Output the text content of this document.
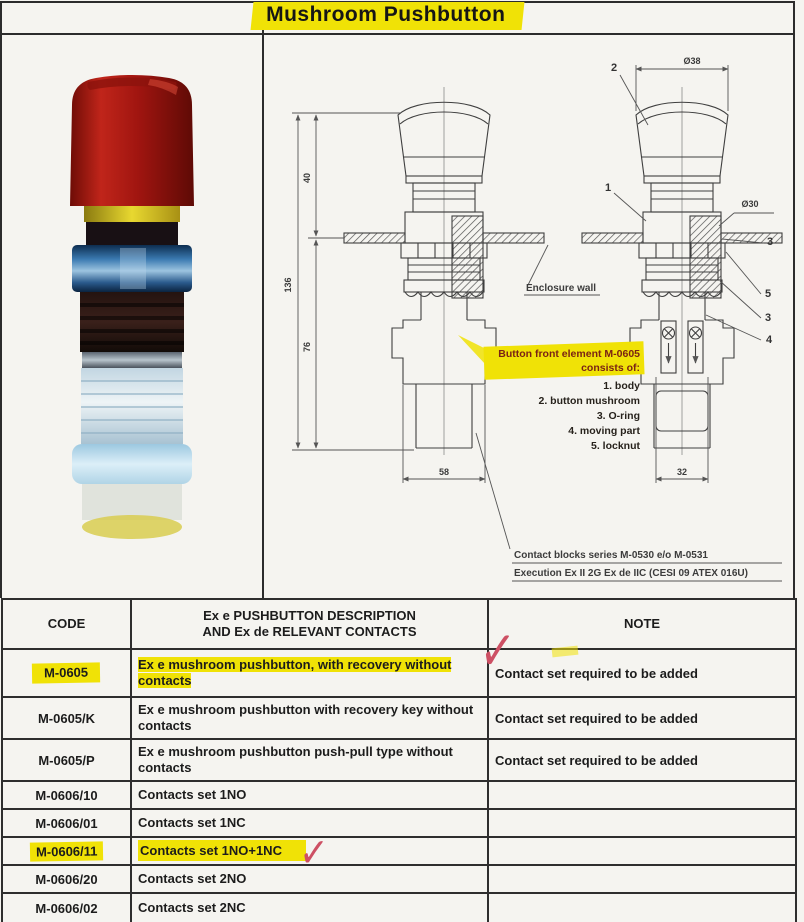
Mushroom Pushbutton
40
136
76
58
Ø38
2
1
Ø30
3
5
3
4
32
Enclosure wall
Button front element M-0605
consists of:
1. body
2. button mushroom
3. O-ring
4. moving part
5. locknut
Contact blocks series M-0530 e/o M-0531
Execution Ex II 2G Ex de IIC (CESI 09 ATEX 016U)
CODE	Ex e PUSHBUTTON DESCRIPTION
AND Ex de RELEVANT CONTACTS	NOTE
M-0605	Ex e mushroom pushbutton, with recovery without contacts	Contact set required to be added
M-0605/K	Ex e mushroom pushbutton with recovery key without contacts	Contact set required to be added
M-0605/P	Ex e mushroom pushbutton push-pull type without contacts	Contact set required to be added
M-0606/10	Contacts set 1NO	
M-0606/01	Contacts set 1NC	
M-0606/11	Contacts set 1NO+1NC	
M-0606/20	Contacts set 2NO	
M-0606/02	Contacts set 2NC	
✓
✓
